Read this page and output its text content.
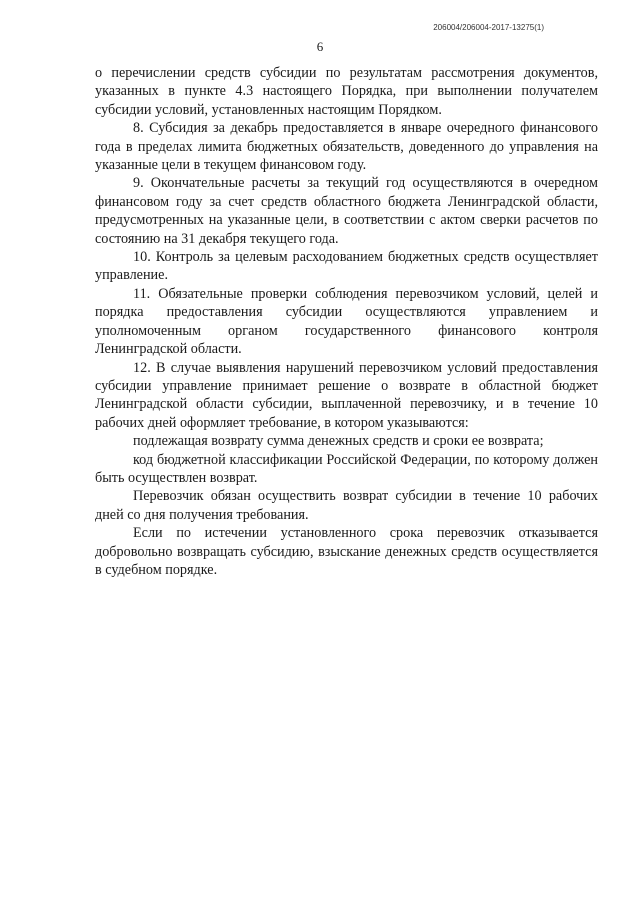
206004/206004-2017-13275(1)
6

о перечислении средств субсидии по результатам рассмотрения документов, указанных в пункте 4.3 настоящего Порядка, при выполнении получателем субсидии условий, установленных настоящим Порядком.

8. Субсидия за декабрь предоставляется в январе очередного финансового года в пределах лимита бюджетных обязательств, доведенного до управления на указанные цели в текущем финансовом году.

9. Окончательные расчеты за текущий год осуществляются в очередном финансовом году за счет средств областного бюджета Ленинградской области, предусмотренных на указанные цели, в соответствии с актом сверки расчетов по состоянию на 31 декабря текущего года.

10. Контроль за целевым расходованием бюджетных средств осуществляет управление.

11. Обязательные проверки соблюдения перевозчиком условий, целей и порядка предоставления субсидии осуществляются управлением и уполномоченным органом государственного финансового контроля Ленинградской области.

12. В случае выявления нарушений перевозчиком условий предоставления субсидии управление принимает решение о возврате в областной бюджет Ленинградской области субсидии, выплаченной перевозчику, и в течение 10 рабочих дней оформляет требование, в котором указываются:

подлежащая возврату сумма денежных средств и сроки ее возврата;

код бюджетной классификации Российской Федерации, по которому должен быть осуществлен возврат.

Перевозчик обязан осуществить возврат субсидии в течение 10 рабочих дней со дня получения требования.

Если по истечении установленного срока перевозчик отказывается добровольно возвращать субсидию, взыскание денежных средств осуществляется в судебном порядке.
